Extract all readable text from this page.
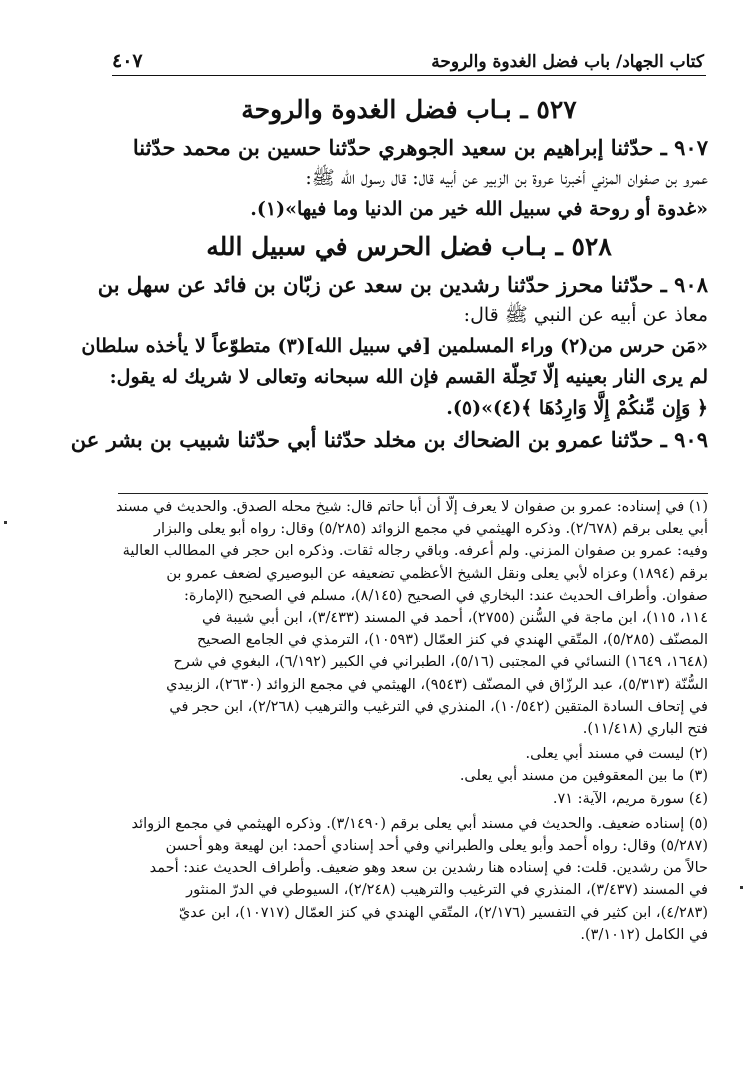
كتاب الجهاد/ باب فضل الغدوة والروحة
٤٠٧
٥٢٧ ـ بـاب فضل الغدوة والروحة
٩٠٧ ـ حدّثنا إبراهيم بن سعيد الجوهري حدّثنا حسين بن محمد حدّثنا
عمرو بن صفوان المزني أخبرنا عروة بن الزبير عن أبيه قال: قال رسول الله ﷺ:
«غدوة أو روحة في سبيل الله خير من الدنيا وما فيها»(١).
٥٢٨ ـ بـاب فضل الحرس في سبيل الله
٩٠٨ ـ حدّثنا محرز حدّثنا رشدين بن سعد عن زبّان بن فائد عن سهل بن
معاذ عن أبيه عن النبي ﷺ قال:
«مَن حرس من(٢) وراء المسلمين [في سبيل الله](٣) متطوّعاً لا يأخذه سلطان
لم يرى النار بعينيه إلّا تَحِلّة القسم فإن الله سبحانه وتعالى لا شريك له يقول:
﴿ وَإِن مِّنكُمْ إِلَّا وَارِدُهَا ﴾(٤)»(٥).
٩٠٩ ـ حدّثنا عمرو بن الضحاك بن مخلد حدّثنا أبي حدّثنا شبيب بن بشر عن
(١) في إسناده: عمرو بن صفوان لا يعرف إلّا أن أبا حاتم قال: شيخ محله الصدق. والحديث في مسند
أبي يعلى برقم (٢/٦٧٨). وذكره الهيثمي في مجمع الزوائد (٥/٢٨٥) وقال: رواه أبو يعلى والبزار
وفيه: عمرو بن صفوان المزني. ولم أعرفه. وباقي رجاله ثقات. وذكره ابن حجر في المطالب العالية
برقم (١٨٩٤) وعزاه لأبي يعلى ونقل الشيخ الأعظمي تضعيفه عن البوصيري لضعف عمرو بن
صفوان. وأطراف الحديث عند: البخاري في الصحيح (٨/١٤٥)، مسلم في الصحيح (الإمارة:
١١٤، ١١٥)، ابن ماجة في السُّنن (٢٧٥٥)، أحمد في المسند (٣/٤٣٣)، ابن أبي شيبة في
المصنّف (٥/٢٨٥)، المتّقي الهندي في كنز العمّال (١٠٥٩٣)، الترمذي في الجامع الصحيح
(١٦٤٨، ١٦٤٩) النسائي في المجتبى (٥/١٦)، الطبراني في الكبير (٦/١٩٢)، البغوي في شرح
السُّنّة (٥/٣١٣)، عبد الرزّاق في المصنّف (٩٥٤٣)، الهيثمي في مجمع الزوائد (٢٦٣٠)، الزبيدي
في إتحاف السادة المتقين (١٠/٥٤٢)، المنذري في الترغيب والترهيب (٢/٢٦٨)، ابن حجر في
فتح الباري (١١/٤١٨).
(٢) ليست في مسند أبي يعلى.
(٣) ما بين المعقوفين من مسند أبي يعلى.
(٤) سورة مريم، الآية: ٧١.
(٥) إسناده ضعيف. والحديث في مسند أبي يعلى برقم (٣/١٤٩٠). وذكره الهيثمي في مجمع الزوائد
(٥/٢٨٧) وقال: رواه أحمد وأبو يعلى والطبراني وفي أحد إسنادي أحمد: ابن لهيعة وهو أحسن
حالاً من رشدين. قلت: في إسناده هنا رشدين بن سعد وهو ضعيف. وأطراف الحديث عند: أحمد
في المسند (٣/٤٣٧)، المنذري في الترغيب والترهيب (٢/٢٤٨)، السيوطي في الدرّ المنثور
(٤/٢٨٣)، ابن كثير في التفسير (٢/١٧٦)، المتّقي الهندي في كنز العمّال (١٠٧١٧)، ابن عديّ
في الكامل (٣/١٠١٢).
